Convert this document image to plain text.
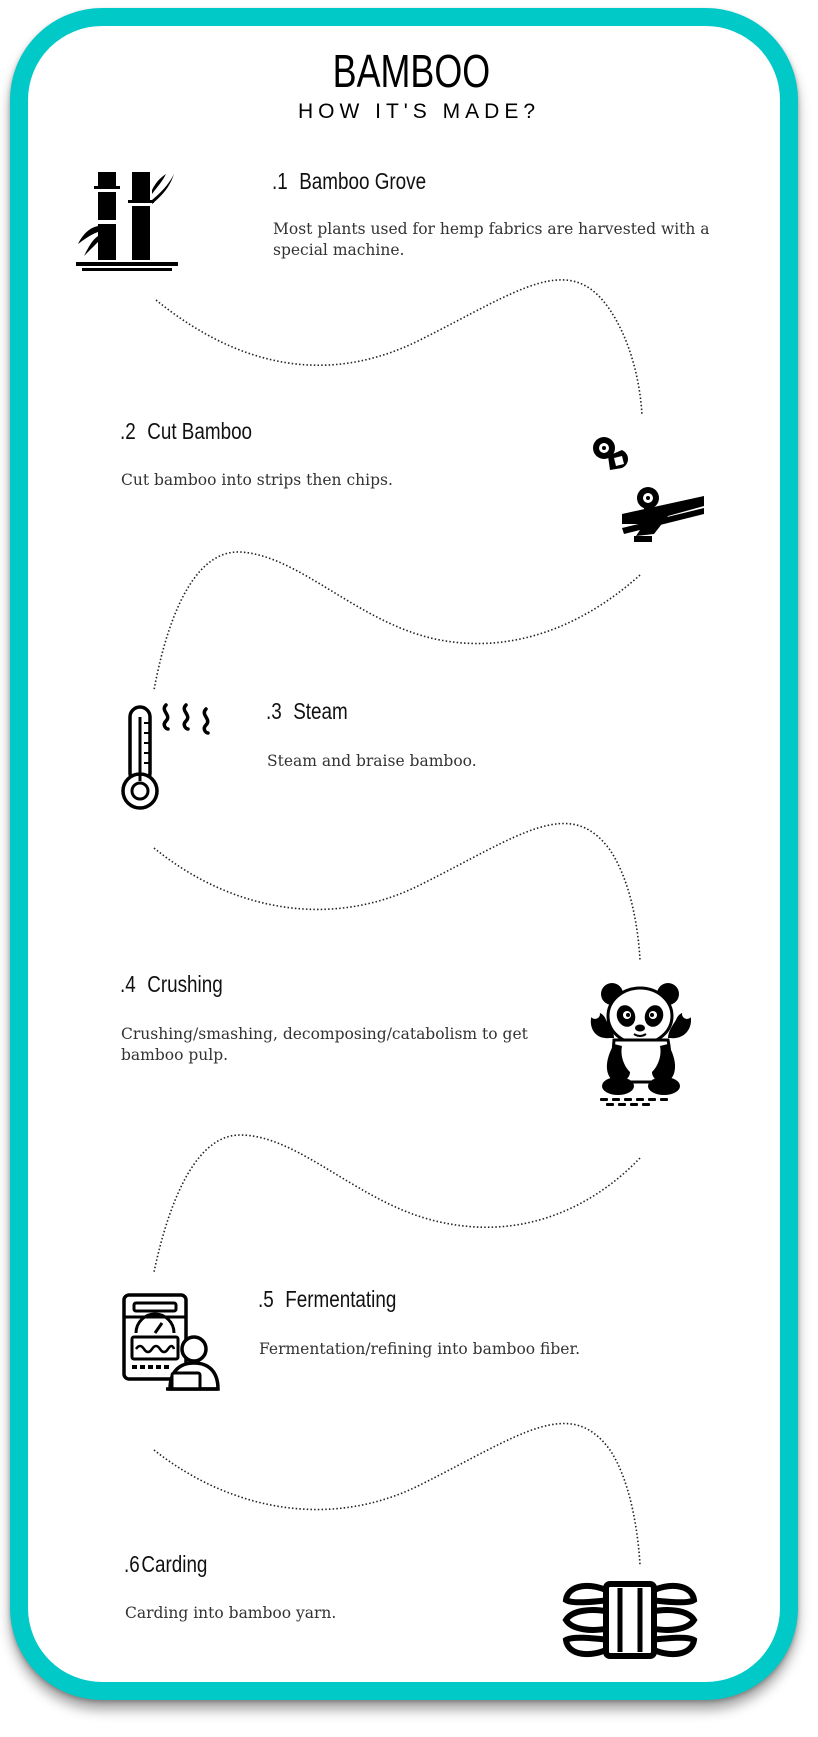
BAMBOO
HOW IT'S MADE?
.1 Bamboo Grove
Most plants used for hemp fabrics are harvested with a special machine.
.2 Cut Bamboo
Cut bamboo into strips then chips.
.3 Steam
Steam and braise bamboo.
.4 Crushing
Crushing/smashing, decomposing/catabolism to get bamboo pulp.
.5 Fermentating
Fermentation/refining into bamboo fiber.
.6Carding
Carding into bamboo yarn.
